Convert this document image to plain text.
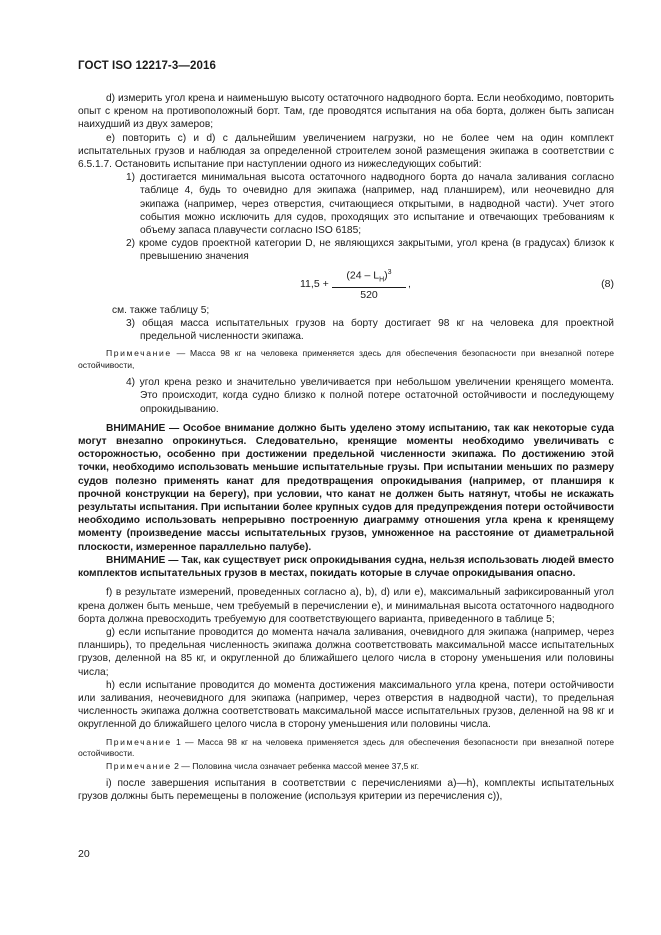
ГОСТ ISO 12217-3—2016

d) измерить угол крена и наименьшую высоту остаточного надводного борта. Если необходимо, повторить опыт с креном на противоположный борт. Там, где проводятся испытания на оба борта, должен быть записан наихудший из двух замеров;

e) повторить c) и d) с дальнейшим увеличением нагрузки, но не более чем на один комплект испытательных грузов и наблюдая за определенной строителем зоной размещения экипажа в соответствии с 6.5.1.7. Остановить испытание при наступлении одного из нижеследующих событий:

1) достигается минимальная высота остаточного надводного борта до начала заливания согласно таблице 4, будь то очевидно для экипажа (например, над планширем), или неочевидно для экипажа (например, через отверстия, считающиеся открытыми, в надводной части). Учет этого события можно исключить для судов, проходящих это испытание и отвечающих требованиям к объему запаса плавучести согласно ISO 6185;

2) кроме судов проектной категории D, не являющихся закрытыми, угол крена (в градусах) близок к превышению значения

$11,5 + \frac{(24 - L_H)^3}{520}$ ,	(8)

см. также таблицу 5;

3) общая масса испытательных грузов на борту достигает 98 кг на человека для проектной предельной численности экипажа.

Примечание — Масса 98 кг на человека применяется здесь для обеспечения безопасности при внезапной потере остойчивости,

4) угол крена резко и значительно увеличивается при небольшом увеличении кренящего момента. Это происходит, когда судно близко к полной потере остаточной остойчивости и последующему опрокидыванию.

ВНИМАНИЕ — Особое внимание должно быть уделено этому испытанию, так как некоторые суда могут внезапно опрокинуться. Следовательно, кренящие моменты необходимо увеличивать с осторожностью, особенно при достижении предельной численности экипажа. По достижению этой точки, необходимо использовать меньшие испытательные грузы. При испытании меньших по размеру судов полезно применять канат для предотвращения опрокидывания (например, от планширя к прочной конструкции на берегу), при условии, что канат не должен быть натянут, чтобы не искажать результаты испытания. При испытании более крупных судов для предупреждения потери остойчивости необходимо использовать непрерывно построенную диаграмму отношения угла крена к кренящему моменту (произведение массы испытательных грузов, умноженное на расстояние от диаметральной плоскости, измеренное параллельно палубе).

ВНИМАНИЕ — Так, как существует риск опрокидывания судна, нельзя использовать людей вместо комплектов испытательных грузов в местах, покидать которые в случае опрокидывания опасно.

f) в результате измерений, проведенных согласно a), b), d) или e), максимальный зафиксированный угол крена должен быть меньше, чем требуемый в перечислении e), и минимальная высота остаточного надводного борта должна превосходить требуемую для соответствующего варианта, приведенного в таблице 5;

g) если испытание проводится до момента начала заливания, очевидного для экипажа (например, через планширь), то предельная численность экипажа должна соответствовать максимальной массе испытательных грузов, деленной на 85 кг, и округленной до ближайшего целого числа в сторону уменьшения или половины числа;

h) если испытание проводится до момента достижения максимального угла крена, потери остойчивости или заливания, неочевидного для экипажа (например, через отверстия в надводной части), то предельная численность экипажа должна соответствовать максимальной массе испытательных грузов, деленной на 98 кг и округленной до ближайшего целого числа в сторону уменьшения или половины числа.

Примечание 1 — Масса 98 кг на человека применяется здесь для обеспечения безопасности при внезапной потере остойчивости.

Примечание 2 — Половина числа означает ребенка массой менее 37,5 кг.

i) после завершения испытания в соответствии с перечислениями a)—h), комплекты испытательных грузов должны быть перемещены в положение (используя критерии из перечисления c)),

20
